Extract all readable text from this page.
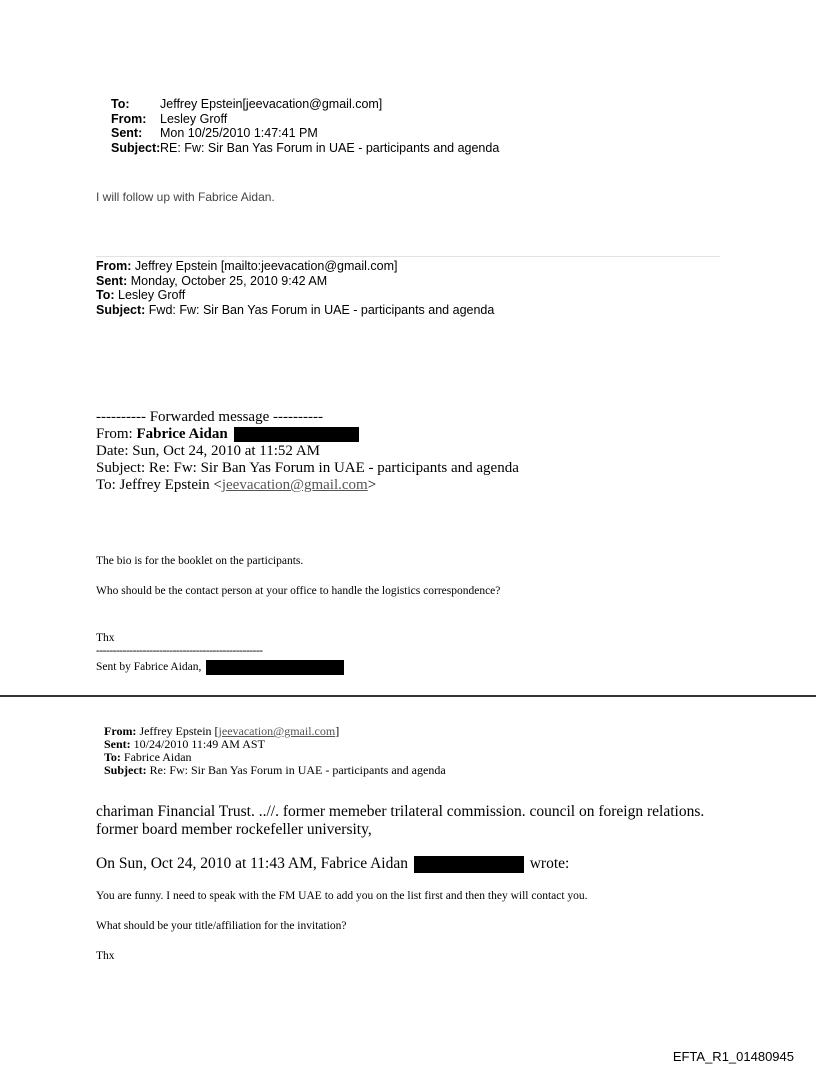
To:	Jeffrey Epstein[jeevacation@gmail.com]
From:	Lesley Groff
Sent:	Mon 10/25/2010 1:47:41 PM
Subject: RE: Fw: Sir Ban Yas Forum in UAE - participants and agenda
I will follow up with Fabrice Aidan.
From: Jeffrey Epstein [mailto:jeevacation@gmail.com]
Sent: Monday, October 25, 2010 9:42 AM
To: Lesley Groff
Subject: Fwd: Fw: Sir Ban Yas Forum in UAE - participants and agenda
---------- Forwarded message ----------
From: Fabrice Aidan
Date: Sun, Oct 24, 2010 at 11:52 AM
Subject: Re: Fw: Sir Ban Yas Forum in UAE - participants and agenda
To: Jeffrey Epstein <jeevacation@gmail.com>
The bio is for the booklet on the participants.
Who should be the contact person at your office to handle the logistics correspondence?
Thx
--------------------------------------------------
Sent by Fabrice Aidan,
From: Jeffrey Epstein [jeevacation@gmail.com]
Sent: 10/24/2010 11:49 AM AST
To: Fabrice Aidan
Subject: Re: Fw: Sir Ban Yas Forum in UAE - participants and agenda
chariman Financial Trust. ..//. former memeber trilateral commission. council on foreign relations.
former board member rockefeller university,
On Sun, Oct 24, 2010 at 11:43 AM, Fabrice Aidan	wrote:
You are funny. I need to speak with the FM UAE to add you on the list first and then they will contact you.
What should be your title/affiliation for the invitation?
Thx
EFTA_R1_01480945
